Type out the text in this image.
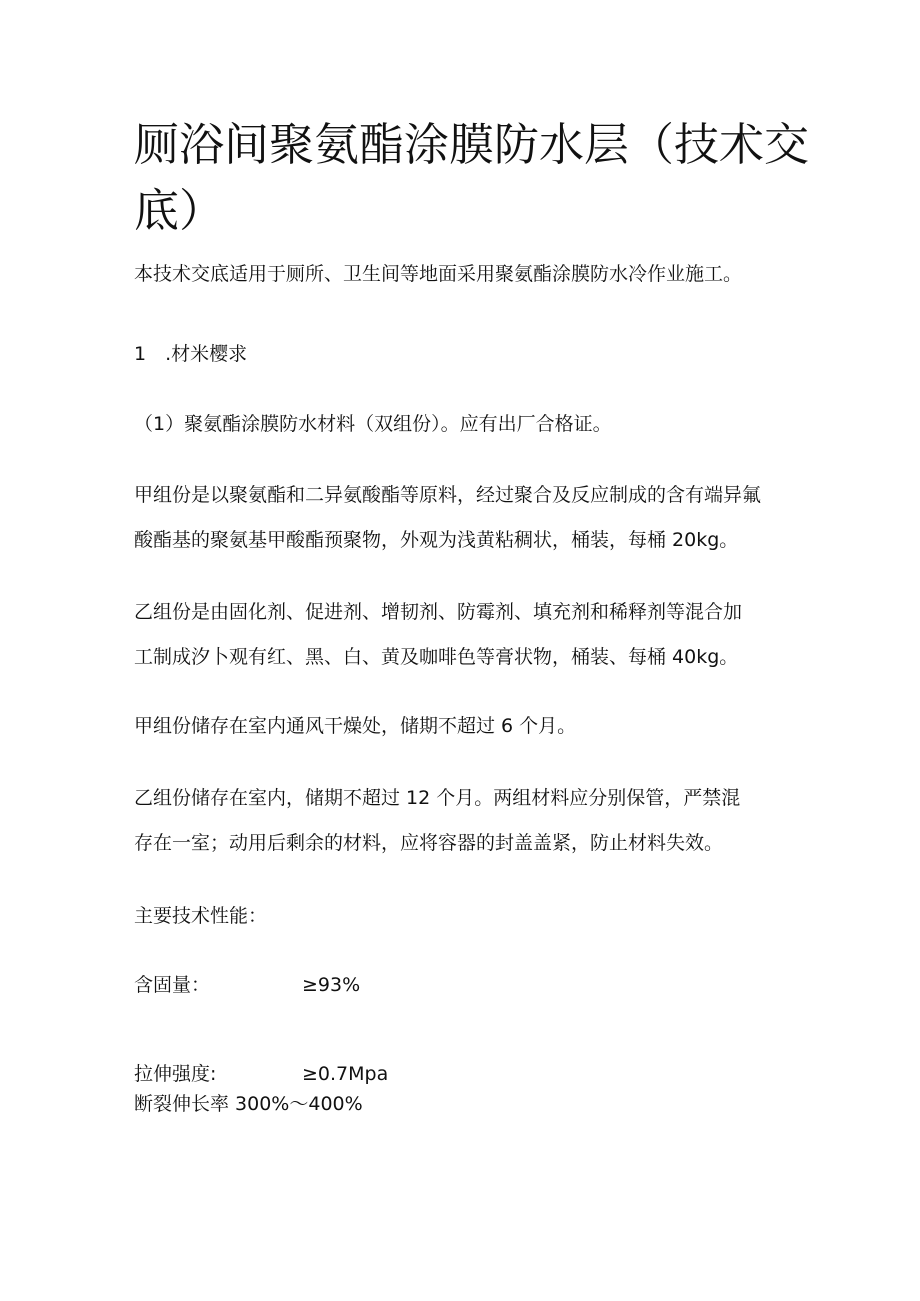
厕浴间聚氨酯涂膜防水层（技术交底）

本技术交底适用于厕所、卫生间等地面采用聚氨酯涂膜防水冷作业施工。

1　.材米樱求

（1）聚氨酯涂膜防水材料（双组份）。应有出厂合格证。

甲组份是以聚氨酯和二异氨酸酯等原料，经过聚合及反应制成的含有端异氟
酸酯基的聚氨基甲酸酯预聚物，外观为浅黄粘稠状，桶装，每桶 20kg。
乙组份是由固化剂、促进剂、增韧剂、防霉剂、填充剂和稀释剂等混合加
工制成汐卜观有红、黑、白、黄及咖啡色等膏状物，桶装、每桶 40kg。

甲组份储存在室内通风干燥处，储期不超过 6 个月。

乙组份储存在室内，储期不超过 12 个月。两组材料应分别保管，严禁混
存在一室；动用后剩余的材料，应将容器的封盖盖紧，防止材料失效。

主要技术性能：

含固量：	≥93%
拉伸强度:	≥0.7Mpa

断裂伸长率 300%～400%
